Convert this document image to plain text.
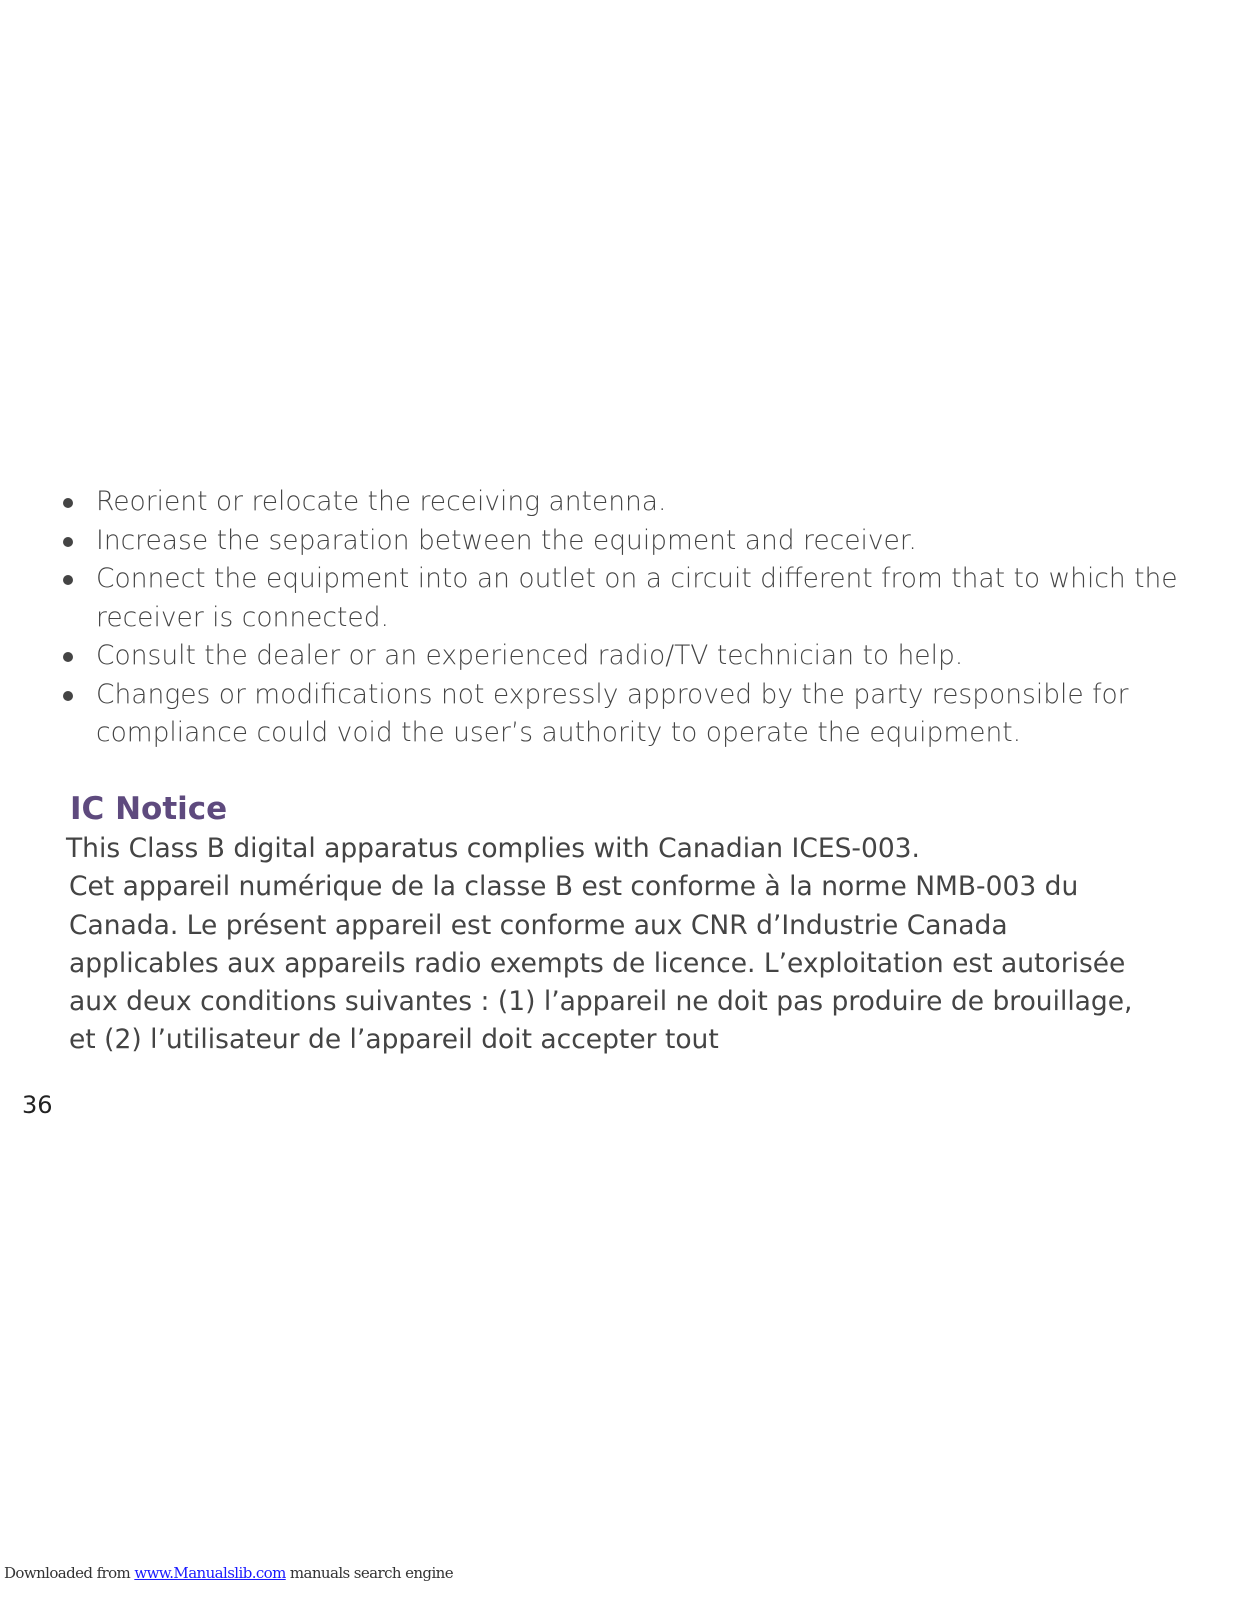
Reorient or relocate the receiving antenna.
Increase the separation between the equipment and receiver.
Connect the equipment into an outlet on a circuit different from that to which the receiver is connected.
Consult the dealer or an experienced radio/TV technician to help.
Changes or modifications not expressly approved by the party responsible for compliance could void the user’s authority to operate the equipment.
IC Notice

This Class B digital apparatus complies with Canadian ICES-003.

Cet appareil numérique de la classe B est conforme à la norme NMB-003 du Canada. Le présent appareil est conforme aux CNR d’Industrie Canada applicables aux appareils radio exempts de licence. L’exploitation est autorisée aux deux conditions suivantes : (1) l’appareil ne doit pas produire de brouillage, et (2) l’utilisateur de l’appareil doit accepter tout

36
Downloaded from www.Manualslib.com manuals search engine
